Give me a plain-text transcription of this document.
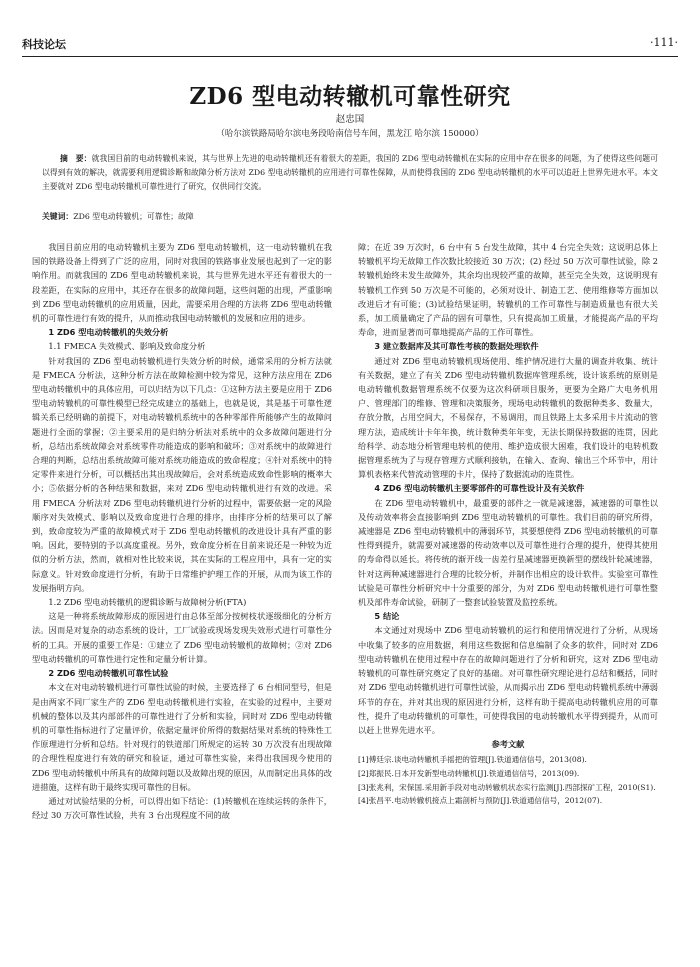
科技论坛	·111·
ZD6 型电动转辙机可靠性研究
赵忠国
（哈尔滨铁路局哈尔滨电务段哈南信号车间，黑龙江 哈尔滨 150000）
摘　要：就我国目前的电动转辙机来说，其与世界上先进的电动转辙机还有着很大的差距，我国的 ZD6 型电动转辙机在实际的应用中存在很多的问题，为了使得这些问题可以得到有效的解决，就需要利用逻辑诊断和故障分析方法对 ZD6 型电动转辙机的应用进行可靠性保障，从而使得我国的 ZD6 型电动转辙机的水平可以追赶上世界先进水平。本文主要就对 ZD6 型电动转辙机可靠性进行了研究，仅供同行交流。
关键词：ZD6 型电动转辙机；可靠性；故障

我国目前应用的电动转辙机主要为 ZD6 型电动转辙机，这一电动转辙机在我国的铁路设备上得到了广泛的应用，同时对我国的铁路事业发展也起到了一定的影响作用。而就我国的 ZD6 型电动转辙机来说，其与世界先进水平还有着很大的一段差距，在实际的应用中，其还存在很多的故障问题，这些问题的出现，严重影响到 ZD6 型电动转辙机的应用质量，因此，需要采用合理的方法将 ZD6 型电动转辙机的可靠性进行有效的提升，从而推动我国电动转辙机的发展和应用的进步。

1 ZD6 型电动转辙机的失效分析
1.1 FMECA 失效模式、影响及致命度分析

针对我国的 ZD6 型电动转辙机进行失效分析的时候，通常采用的分析方法就是 FMECA 分析法，这种分析方法在故障检测中较为常见，这种方法应用在 ZD6 型电动转辙机中的具体应用，可以归结为以下几点：①这种方法主要是应用于 ZD6 型电动转辙机的可靠性模型已经完成建立的基础上，也就是说，其是基于可靠性逻辑关系已经明确的前提下，对电动转辙机系统中的各种零部件所能够产生的故障问题进行全面的掌握；②主要采用的是归纳分析法对系统中的众多故障问题进行分析，总结出系统故障会对系统零件功能造成的影响和破坏；③对系统中的故障进行合理的判断，总结出系统故障可能对系统功能造成的致命程度；④针对系统中的特定零件来进行分析，可以概括出其出现故障后，会对系统造成致命性影响的概率大小；⑤依据分析的各种结果和数据，来对 ZD6 型电动转辙机进行有效的改进。采用 FMECA 分析法对 ZD6 型电动转辙机进行分析的过程中，需要依据一定的风险顺序对失效模式、影响以及致命度进行合理的排序，由排序分析的结果可以了解到，致命度较为严重的故障模式对于 ZD6 型电动转辙机的改进设计具有严重的影响。因此，要特别的予以高度重视。另外，致命度分析在目前来说还是一种较为近似的分析方法，然而，就相对性比较来说，其在实际的工程应用中，具有一定的实际意义。针对致命度进行分析，有助于日常维护护理工作的开展，从而为该工作的发展指明方向。

1.2 ZD6 型电动转辙机的逻辑诊断与故障树分析(FTA)

这是一种将系统故障形成的原因进行由总体至部分按树枝状逐级细化的分析方法。因而是对复杂的动态系统的设计，工厂试验或现场发现失效形式进行可靠性分析的工具。开展的重要工作是：①建立了 ZD6 型电动转辙机的故障树；②对 ZD6 型电动转辙机的可靠性进行定性和定量分析计算。

2 ZD6 型电动转辙机可靠性试验

本文在对电动转辙机进行可靠性试验的时候，主要选择了 6 台相同型号，但是是由两家不同厂家生产的 ZD6 型电动转辙机进行实验，在实验的过程中，主要对机械的整体以及其内部部件的可靠性进行了分析和实验，同时对 ZD6 型电动转辙机的可靠性指标进行了定量评价，依据定量评价所得的数据结果对系统的特殊性工作原理进行分析和总结。针对现行的铁道部门所规定的运转 30 万次没有出现故障的合理性程度进行有效的研究和验证，通过可靠性实验，来得出我国现今使用的 ZD6 型电动转辙机中所具有的故障问题以及故障出现的原因，从而制定出具体的改进措施，这样有助于最终实现可靠性的目标。

通过对试验结果的分析，可以得出如下结论：(1)转辙机在连续运转的条件下，经过 30 万次可靠性试验，共有 3 台出现程度不同的故

障；在近 39 万次时，6 台中有 5 台发生故障，其中 4 台完全失效；这说明总体上转辙机平均无故障工作次数比较接近 30 万次；(2) 经过 50 万次可靠性试验，除 2 转辙机始终未发生故障外，其余均出现较严重的故障，甚至完全失效，这说明现有转辙机工作到 50 万次是不可能的，必须对设计、制造工艺、使用维修等方面加以改进后才有可能；(3)试验结果证明，转辙机的工作可靠性与制造质量也有很大关系，加工质量确定了产品的固有可靠性，只有提高加工质量，才能提高产品的平均寿命，进而显著而可靠地提高产品的工作可靠性。

3 建立数据库及其可靠性考核的数据处理软件

通过对 ZD6 型电动转辙机现场使用、维护情况进行大量的调查并收集、统计有关数据，建立了有关 ZD6 型电动转辙机数据库管理系统，设计该系统的原则是电动转辙机数据管理系统不仅要为这次科研项目服务，更要为全路广大电务机用户、管理部门的维修、管理和决策服务，现场电动转辙机的数据种类多、数量大，存放分散，占用空间大，不易保存，不易调用，而且铁路上太多采用卡片流动的管理方法，造成统计卡年年换，统计数种类年年变，无法长期保持数据的连贯，因此给科学、动态地分析管理电转机的使用、维护造成很大困难，我们设计的电转机数据管理系统为了与现存管理方式顺利接轨，在输入、查询、输出三个环节中，用计算机表格来代替流动管理的卡片，保持了数据流动的连贯性。

4 ZD6 型电动转辙机主要零部件的可靠性设计及有关软件

在 ZD6 型电动转辙机中，最重要的部件之一就是减速器，减速器的可靠性以及传动效率将会直接影响到 ZD6 型电动转辙机的可靠性。我们目前的研究所得，减速器是 ZD6 型电动转辙机中的薄弱环节，其要想使得 ZD6 型电动转辙机的可靠性得到提升，就需要对减速器的传动效率以及可靠性进行合理的提升，使得其使用的寿命得以延长。将传统的渐开线一齿差行星减速器更换新型的摆线针轮减速器，针对这两种减速器进行合理的比较分析，并制作出相应的设计软件。实验室可靠性试验是可靠性分析研究中十分重要的部分，为对 ZD6 型电动转辙机进行可靠性整机及部件寿命试验，研制了一整套试验装置及监控系统。

5 结论

本文通过对现场中 ZD6 型电动转辙机的运行和使用情况进行了分析，从现场中收集了较多的应用数据，利用这些数据和信息编制了众多的软件，同时对 ZD6 型电动转辙机在使用过程中存在的故障问题进行了分析和研究，这对 ZD6 型电动转辙机的可靠性研究奠定了良好的基础。对可靠性研究理论进行总结和概括，同时对 ZD6 型电动转辙机进行可靠性试验，从而揭示出 ZD6 型电动转辙机系统中薄弱环节的存在，并对其出现的原因进行分析，这样有助于提高电动转辙机应用的可靠性，提升了电动转辙机的可靠性，可使得我国的电动转辙机水平得到提升，从而可以赶上世界先进水平。

参考文献
[1]傅廷宗.谈电动转辙机手摇把的管理[J].铁道通信信号，2013(08).
[2]郑振民.日本开发新型电动转辙机[J].铁道通信信号，2013(09).
[3]张兆利，宋保国.采用新手段对电动转辙机状态实行监测[J].西部探矿工程，2010(S1).
[4]张昌平.电动转辙机接点上霜剖析与预防[J].铁道通信信号，2012(07).
